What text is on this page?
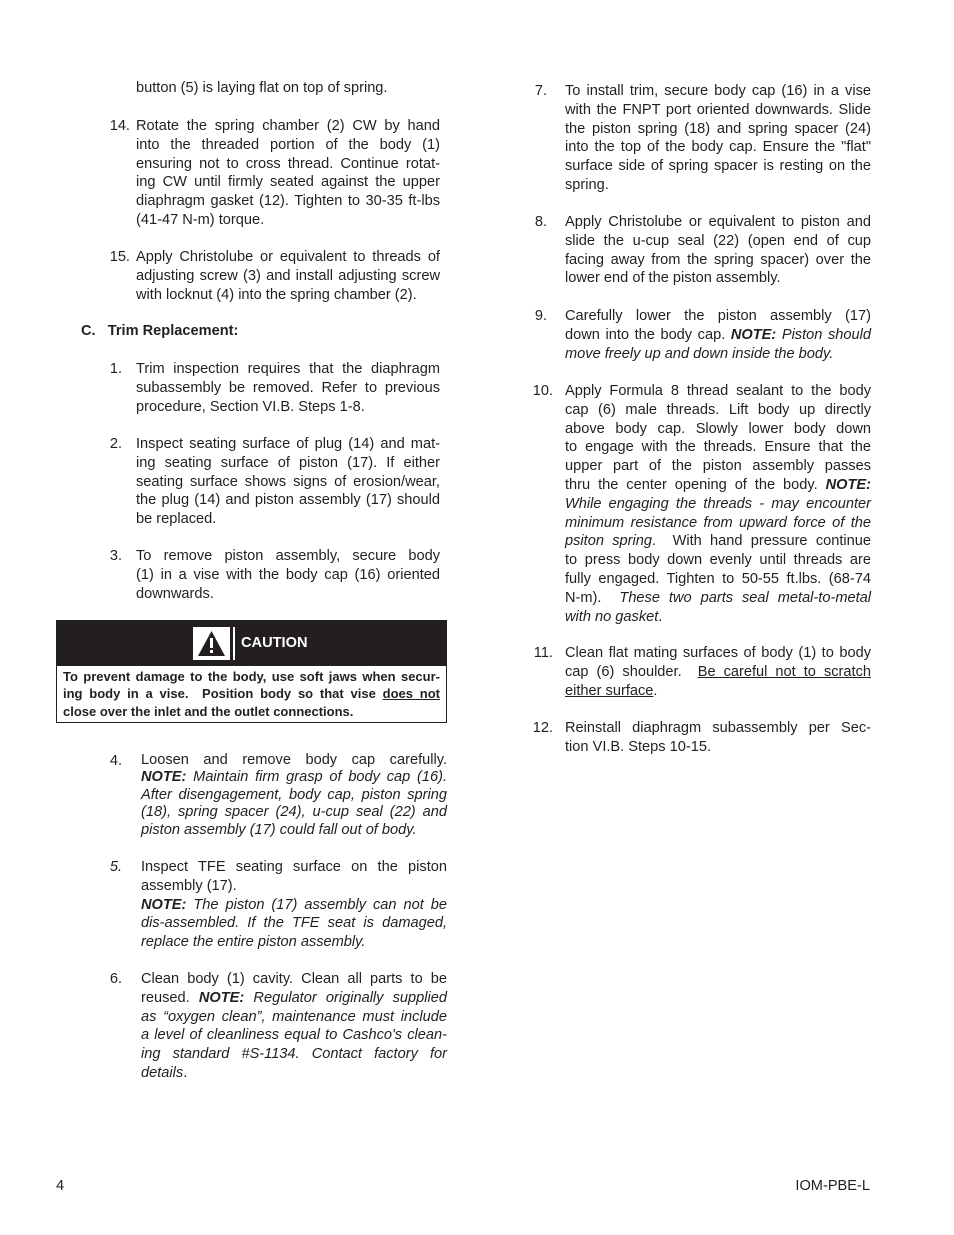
button (5) is laying flat on top of spring.
14. Rotate the spring chamber (2) CW by hand
into the threaded portion of the body (1)
ensuring not to cross thread. Continue rotat-
ing CW until firmly seated against the upper
diaphragm gasket (12). Tighten to 30-35 ft-lbs
(41-47 N-m) torque.
15. Apply Christolube or equivalent to threads of
adjusting screw (3) and install adjusting screw
with locknut (4) into the spring chamber (2).
C.   Trim Replacement:
1. Trim inspection requires that the diaphragm
subassembly be removed. Refer to previous
procedure, Section VI.B. Steps 1-8.
2. Inspect seating surface of plug (14) and mat-
ing seating surface of piston (17). If either
seating surface shows signs of erosion/wear,
the plug (14) and piston assembly (17) should
be replaced.
3. To remove piston assembly, secure body
(1) in a vise with the body cap (16) oriented
downwards.
CAUTION
To prevent damage to the body, use soft jaws when secur-
ing body in a vise.  Position body so that vise does not
close over the inlet and the outlet connections.
4. Loosen and remove body cap carefully.
NOTE: Maintain firm grasp of body cap (16).
After disengagement, body cap, piston spring
(18), spring spacer (24), u-cup seal (22) and
piston assembly (17) could fall out of body.
5. Inspect TFE seating surface on the piston
assembly (17).
NOTE: The piston (17) assembly can not be
dis-assembled. If the TFE seat is damaged,
replace the entire piston assembly.
6. Clean body (1) cavity. Clean all parts to be
reused. NOTE: Regulator originally supplied
as “oxygen clean”, maintenance must include
a level of cleanliness equal to Cashco's clean-
ing standard #S-1134. Contact factory for
details.
7. To install trim, secure body cap (16) in a vise
with the FNPT port oriented downwards. Slide
the piston spring (18) and spring spacer (24)
into the top of the body cap. Ensure the "flat"
surface side of spring spacer is resting on the
spring.
8. Apply Christolube or equivalent to piston and
slide the u-cup seal (22) (open end of cup
facing away from the spring spacer) over the
lower end of the piston assembly.
9. Carefully lower the piston assembly (17)
down into the body cap. NOTE: Piston should
move freely up and down inside the body.
10. Apply Formula 8 thread sealant to the body
cap (6) male threads. Lift body up directly
above body cap. Slowly lower body down
to engage with the threads. Ensure that the
upper part of the piston assembly passes
thru the center opening of the body. NOTE:
While engaging the threads - may encounter
minimum resistance from upward force of the
psiton spring.  With hand pressure continue
to press body down evenly until threads are
fully engaged. Tighten to 50-55 ft.lbs. (68-74
N-m).  These two parts seal metal-to-metal
with no gasket.
11. Clean flat mating surfaces of body (1) to body
cap (6) shoulder.  Be careful not to scratch
either surface.
12. Reinstall diaphragm subassembly per Sec-
tion VI.B. Steps 10-15.
4	IOM-PBE-L
